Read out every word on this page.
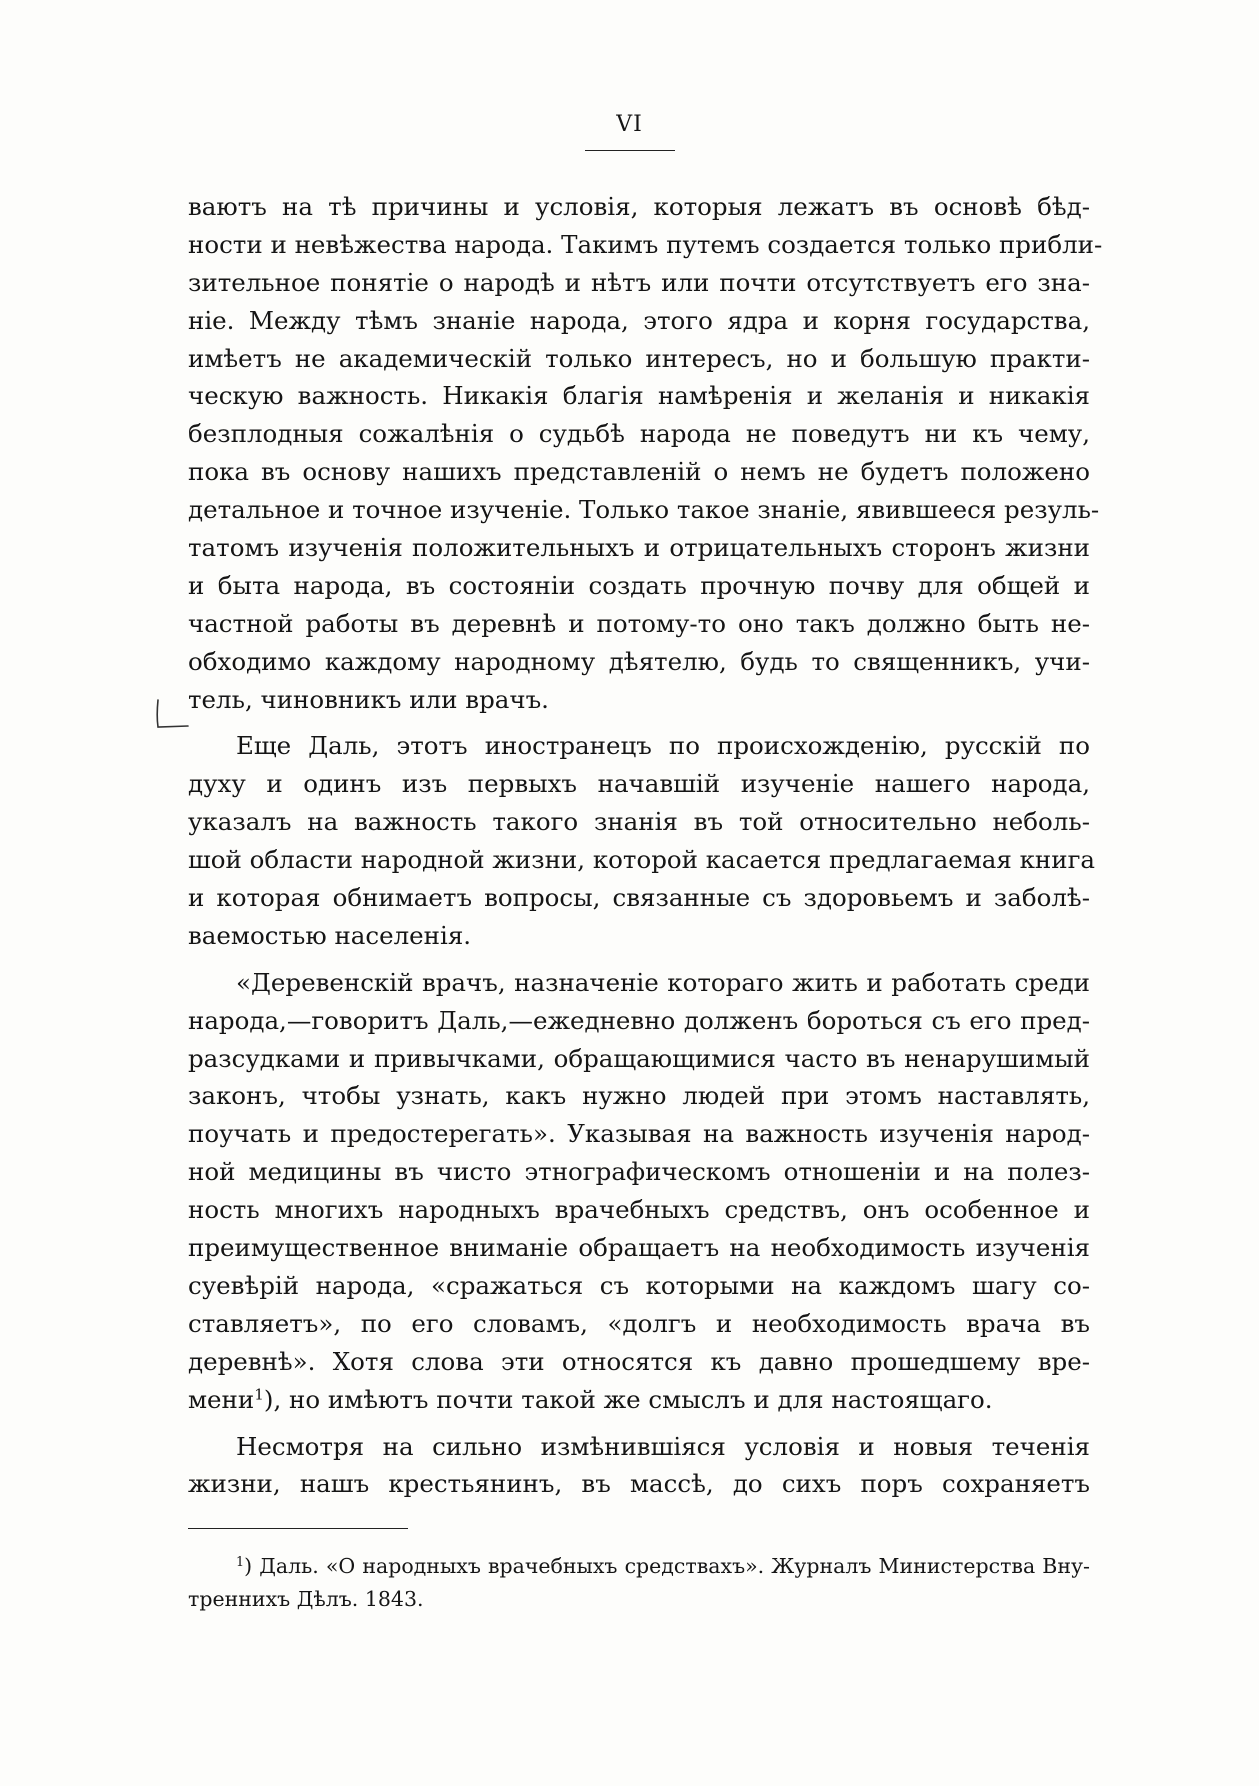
VI
ваютъ на тѣ причины и условія, которыя лежатъ въ основѣ бѣд-
ности и невѣжества народа. Такимъ путемъ создается только прибли-
зительное понятіе о народѣ и нѣтъ или почти отсутствуетъ его зна-
ніе. Между тѣмъ знаніе народа, этого ядра и корня государства,
имѣетъ не академическій только интересъ, но и большую практи-
ческую важность. Никакія благія намѣренія и желанія и никакія
безплодныя сожалѣнія о судьбѣ народа не поведутъ ни къ чему,
пока въ основу нашихъ представленій о немъ не будетъ положено
детальное и точное изученіе. Только такое знаніе, явившееся резуль-
татомъ изученія положительныхъ и отрицательныхъ сторонъ жизни
и быта народа, въ состояніи создать прочную почву для общей и
частной работы въ деревнѣ и потому-то оно такъ должно быть не-
обходимо каждому народному дѣятелю, будь то священникъ, учи-
тель, чиновникъ или врачъ.
Еще Даль, этотъ иностранецъ по происхожденію, русскій по
духу и одинъ изъ первыхъ начавшій изученіе нашего народа,
указалъ на важность такого знанія въ той относительно неболь-
шой области народной жизни, которой касается предлагаемая книга
и которая обнимаетъ вопросы, связанные съ здоровьемъ и заболѣ-
ваемостью населенія.
«Деревенскій врачъ, назначеніе котораго жить и работать среди
народа,—говоритъ Даль,—ежедневно долженъ бороться съ его пред-
разсудками и привычками, обращающимися часто въ ненарушимый
законъ, чтобы узнать, какъ нужно людей при этомъ наставлять,
поучать и предостерегать». Указывая на важность изученія народ-
ной медицины въ чисто этнографическомъ отношеніи и на полез-
ность многихъ народныхъ врачебныхъ средствъ, онъ особенное и
преимущественное вниманіе обращаетъ на необходимость изученія
суевѣрій народа, «сражаться съ которыми на каждомъ шагу со-
ставляетъ», по его словамъ, «долгъ и необходимость врача въ
деревнѣ». Хотя слова эти относятся къ давно прошедшему вре-
мени$^1$), но имѣютъ почти такой же смыслъ и для настоящаго.
Несмотря на сильно измѣнившіяся условія и новыя теченія
жизни, нашъ крестьянинъ, въ массѣ, до сихъ поръ сохраняетъ
$^1$) Даль. «О народныхъ врачебныхъ средствахъ». Журналъ Министерства Вну-
треннихъ Дѣлъ. 1843.
